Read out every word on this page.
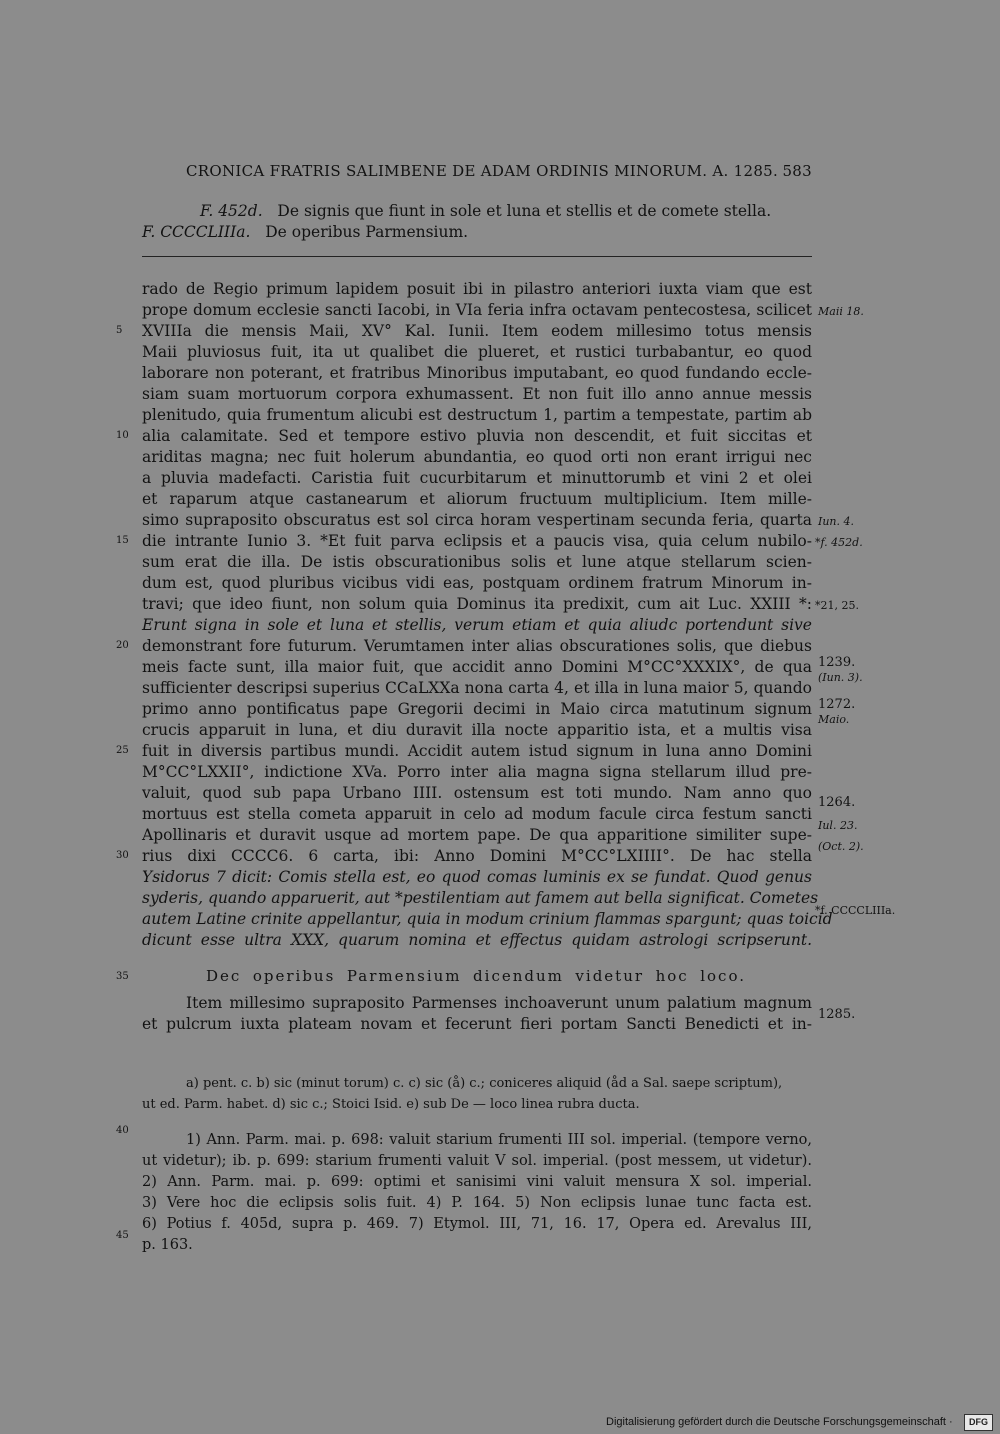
CRONICA FRATRIS SALIMBENE DE ADAM ORDINIS MINORUM. A. 1285. 583
F. 452d. De signis que fiunt in sole et luna et stellis et de comete stella.
F. CCCCLIIIa. De operibus Parmensium.
rado de Regio primum lapidem posuit ibi in pilastro anteriori iuxta viam que est
prope domum ecclesie sancti Iacobi, in VIa feria infra octavam pentecostesa, scilicet
XVIIIa die mensis Maii, XV° Kal. Iunii. Item eodem millesimo totus mensis
Maii pluviosus fuit, ita ut qualibet die plueret, et rustici turbabantur, eo quod
laborare non poterant, et fratribus Minoribus imputabant, eo quod fundando eccle-
siam suam mortuorum corpora exhumassent. Et non fuit illo anno annue messis
plenitudo, quia frumentum alicubi est destructum 1, partim a tempestate, partim ab
alia calamitate. Sed et tempore estivo pluvia non descendit, et fuit siccitas et
ariditas magna; nec fuit holerum abundantia, eo quod orti non erant irrigui nec
a pluvia madefacti. Caristia fuit cucurbitarum et minuttorumb et vini 2 et olei
et raparum atque castanearum et aliorum fructuum multiplicium. Item mille-
simo supraposito obscuratus est sol circa horam vespertinam secunda feria, quarta
die intrante Iunio 3. *Et fuit parva eclipsis et a paucis visa, quia celum nubilo-
sum erat die illa. De istis obscurationibus solis et lune atque stellarum scien-
dum est, quod pluribus vicibus vidi eas, postquam ordinem fratrum Minorum in-
travi; que ideo fiunt, non solum quia Dominus ita predixit, cum ait Luc. XXIII *:
Erunt signa in sole et luna et stellis, verum etiam et quia aliudc portendunt sive
demonstrant fore futurum. Verumtamen inter alias obscurationes solis, que diebus
meis facte sunt, illa maior fuit, que accidit anno Domini M°CC°XXXIX°, de qua
sufficienter descripsi superius CCaLXXa nona carta 4, et illa in luna maior 5, quando
primo anno pontificatus pape Gregorii decimi in Maio circa matutinum signum
crucis apparuit in luna, et diu duravit illa nocte apparitio ista, et a multis visa
fuit in diversis partibus mundi. Accidit autem istud signum in luna anno Domini
M°CC°LXXII°, indictione XVa. Porro inter alia magna signa stellarum illud pre-
valuit, quod sub papa Urbano IIII. ostensum est toti mundo. Nam anno quo
mortuus est stella cometa apparuit in celo ad modum facule circa festum sancti
Apollinaris et duravit usque ad mortem pape. De qua apparitione similiter supe-
rius dixi CCCC6. 6 carta, ibi: Anno Domini M°CC°LXIIII°. De hac stella
Ysidorus 7 dicit: Comis stella est, eo quod comas luminis ex se fundat. Quod genus
syderis, quando apparuerit, aut *pestilentiam aut famem aut bella significat. Cometes
autem Latine crinite appellantur, quia in modum crinium flammas spargunt; quas toicid
dicunt esse ultra XXX, quarum nomina et effectus quidam astrologi scripserunt.
Dec operibus Parmensium dicendum videtur hoc loco.
Item millesimo supraposito Parmenses inchoaverunt unum palatium magnum
et pulcrum iuxta plateam novam et fecerunt fieri portam Sancti Benedicti et in-
5
10
15
20
25
30
35
40
45
Maii 18.
Iun. 4.
*f. 452d.
*21, 25.
1239.
(Iun. 3).
1272.
Maio.
1264.
Iul. 23.
(Oct. 2).
*f. CCCCLIIIa.
1285.
a) pent. c. b) sic (minut torum) c. c) sic (å) c.; coniceres aliquid (åd a Sal. saepe scriptum),
ut ed. Parm. habet. d) sic c.; Stoici Isid. e) sub De — loco linea rubra ducta.
1) Ann. Parm. mai. p. 698: valuit starium frumenti III sol. imperial. (tempore verno,
ut videtur); ib. p. 699: starium frumenti valuit V sol. imperial. (post messem, ut videtur).
2) Ann. Parm. mai. p. 699: optimi et sanisimi vini valuit mensura X sol. imperial.
3) Vere hoc die eclipsis solis fuit. 4) P. 164. 5) Non eclipsis lunae tunc facta est.
6) Potius f. 405d, supra p. 469. 7) Etymol. III, 71, 16. 17, Opera ed. Arevalus III,
p. 163.
Digitalisierung gefördert durch die Deutsche Forschungsgemeinschaft ·	DFG
